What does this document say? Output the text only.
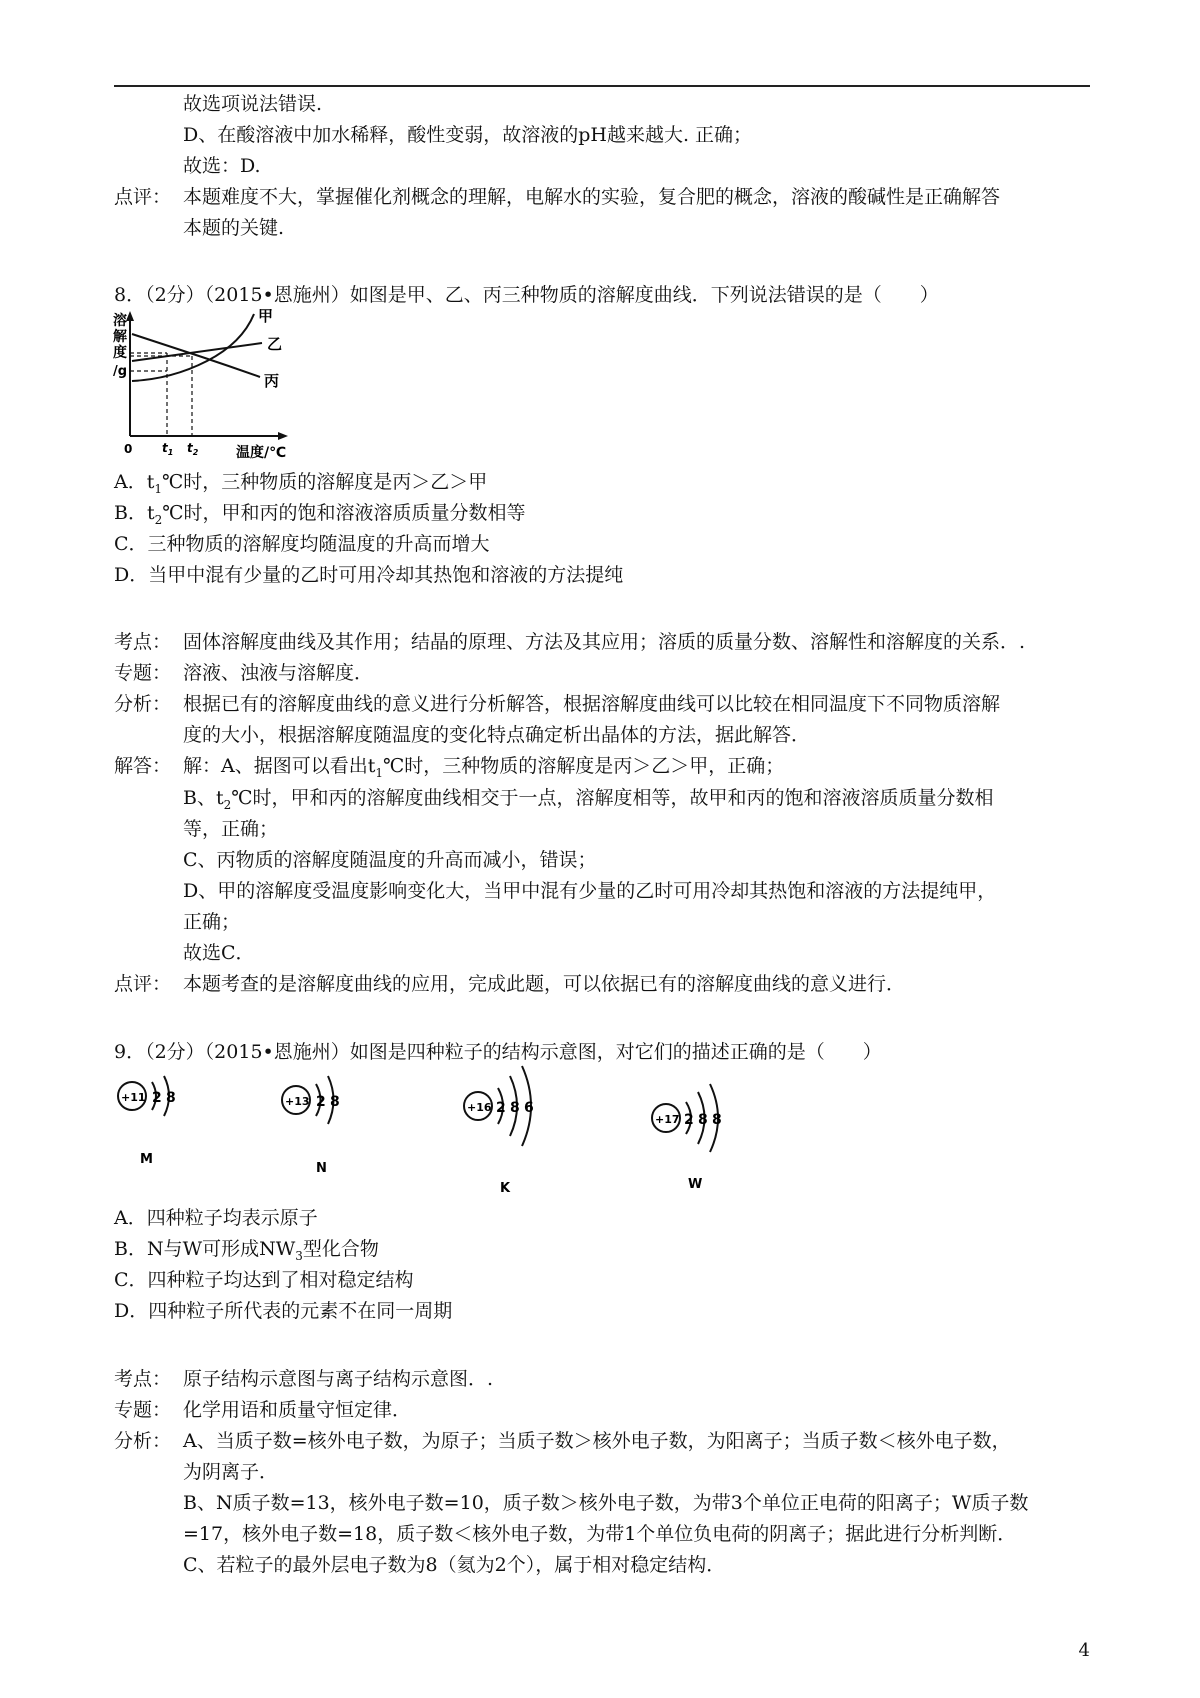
故选项说法错误.
D、在酸溶液中加水稀释，酸性变弱，故溶液的pH越来越大. 正确；
故选：D.
点评： 本题难度不大，掌握催化剂概念的理解，电解水的实验，复合肥的概念，溶液的酸碱性是正确解答
本题的关键.
8．（2分）（2015•恩施州）如图是甲、乙、丙三种物质的溶解度曲线．下列说法错误的是（　　）
溶
解
度
/g
甲
乙
丙
0 $t_1$ $t_2$	温度/℃
A．$t_1℃$时，三种物质的溶解度是丙＞乙＞甲
B．$t_2℃$时，甲和丙的饱和溶液溶质质量分数相等
C．三种物质的溶解度均随温度的升高而增大
D．当甲中混有少量的乙时可用冷却其热饱和溶液的方法提纯
考点： 固体溶解度曲线及其作用；结晶的原理、方法及其应用；溶质的质量分数、溶解性和溶解度的关系．.
专题： 溶液、浊液与溶解度．
分析： 根据已有的溶解度曲线的意义进行分析解答，根据溶解度曲线可以比较在相同温度下不同物质溶解
度的大小，根据溶解度随温度的变化特点确定析出晶体的方法，据此解答．
解答： 解：A、据图可以看出$t_1℃$时，三种物质的溶解度是丙＞乙＞甲，正确；
B、$t_2℃$时，甲和丙的溶解度曲线相交于一点，溶解度相等，故甲和丙的饱和溶液溶质质量分数相
等，正确；
C、丙物质的溶解度随温度的升高而减小，错误；
D、甲的溶解度受温度影响变化大，当甲中混有少量的乙时可用冷却其热饱和溶液的方法提纯甲，
正确；
故选C．
点评： 本题考查的是溶解度曲线的应用，完成此题，可以依据已有的溶解度曲线的意义进行．
9．（2分）（2015•恩施州）如图是四种粒子的结构示意图，对它们的描述正确的是（　　）
+11 2 8
M
+13 2 8
N
+16 2 8 6
K
+17 2 8 8
W
A．四种粒子均表示原子
B．N与W可形成$NW_3$型化合物
C．四种粒子均达到了相对稳定结构
D．四种粒子所代表的元素不在同一周期
考点： 原子结构示意图与离子结构示意图．.
专题： 化学用语和质量守恒定律．
分析： A、当质子数=核外电子数，为原子；当质子数＞核外电子数，为阳离子；当质子数＜核外电子数，
为阴离子．
B、N质子数=13，核外电子数=10，质子数＞核外电子数，为带3个单位正电荷的阳离子；W质子数
=17，核外电子数=18，质子数＜核外电子数，为带1个单位负电荷的阴离子；据此进行分析判断．
C、若粒子的最外层电子数为8（氦为2个），属于相对稳定结构．
4
